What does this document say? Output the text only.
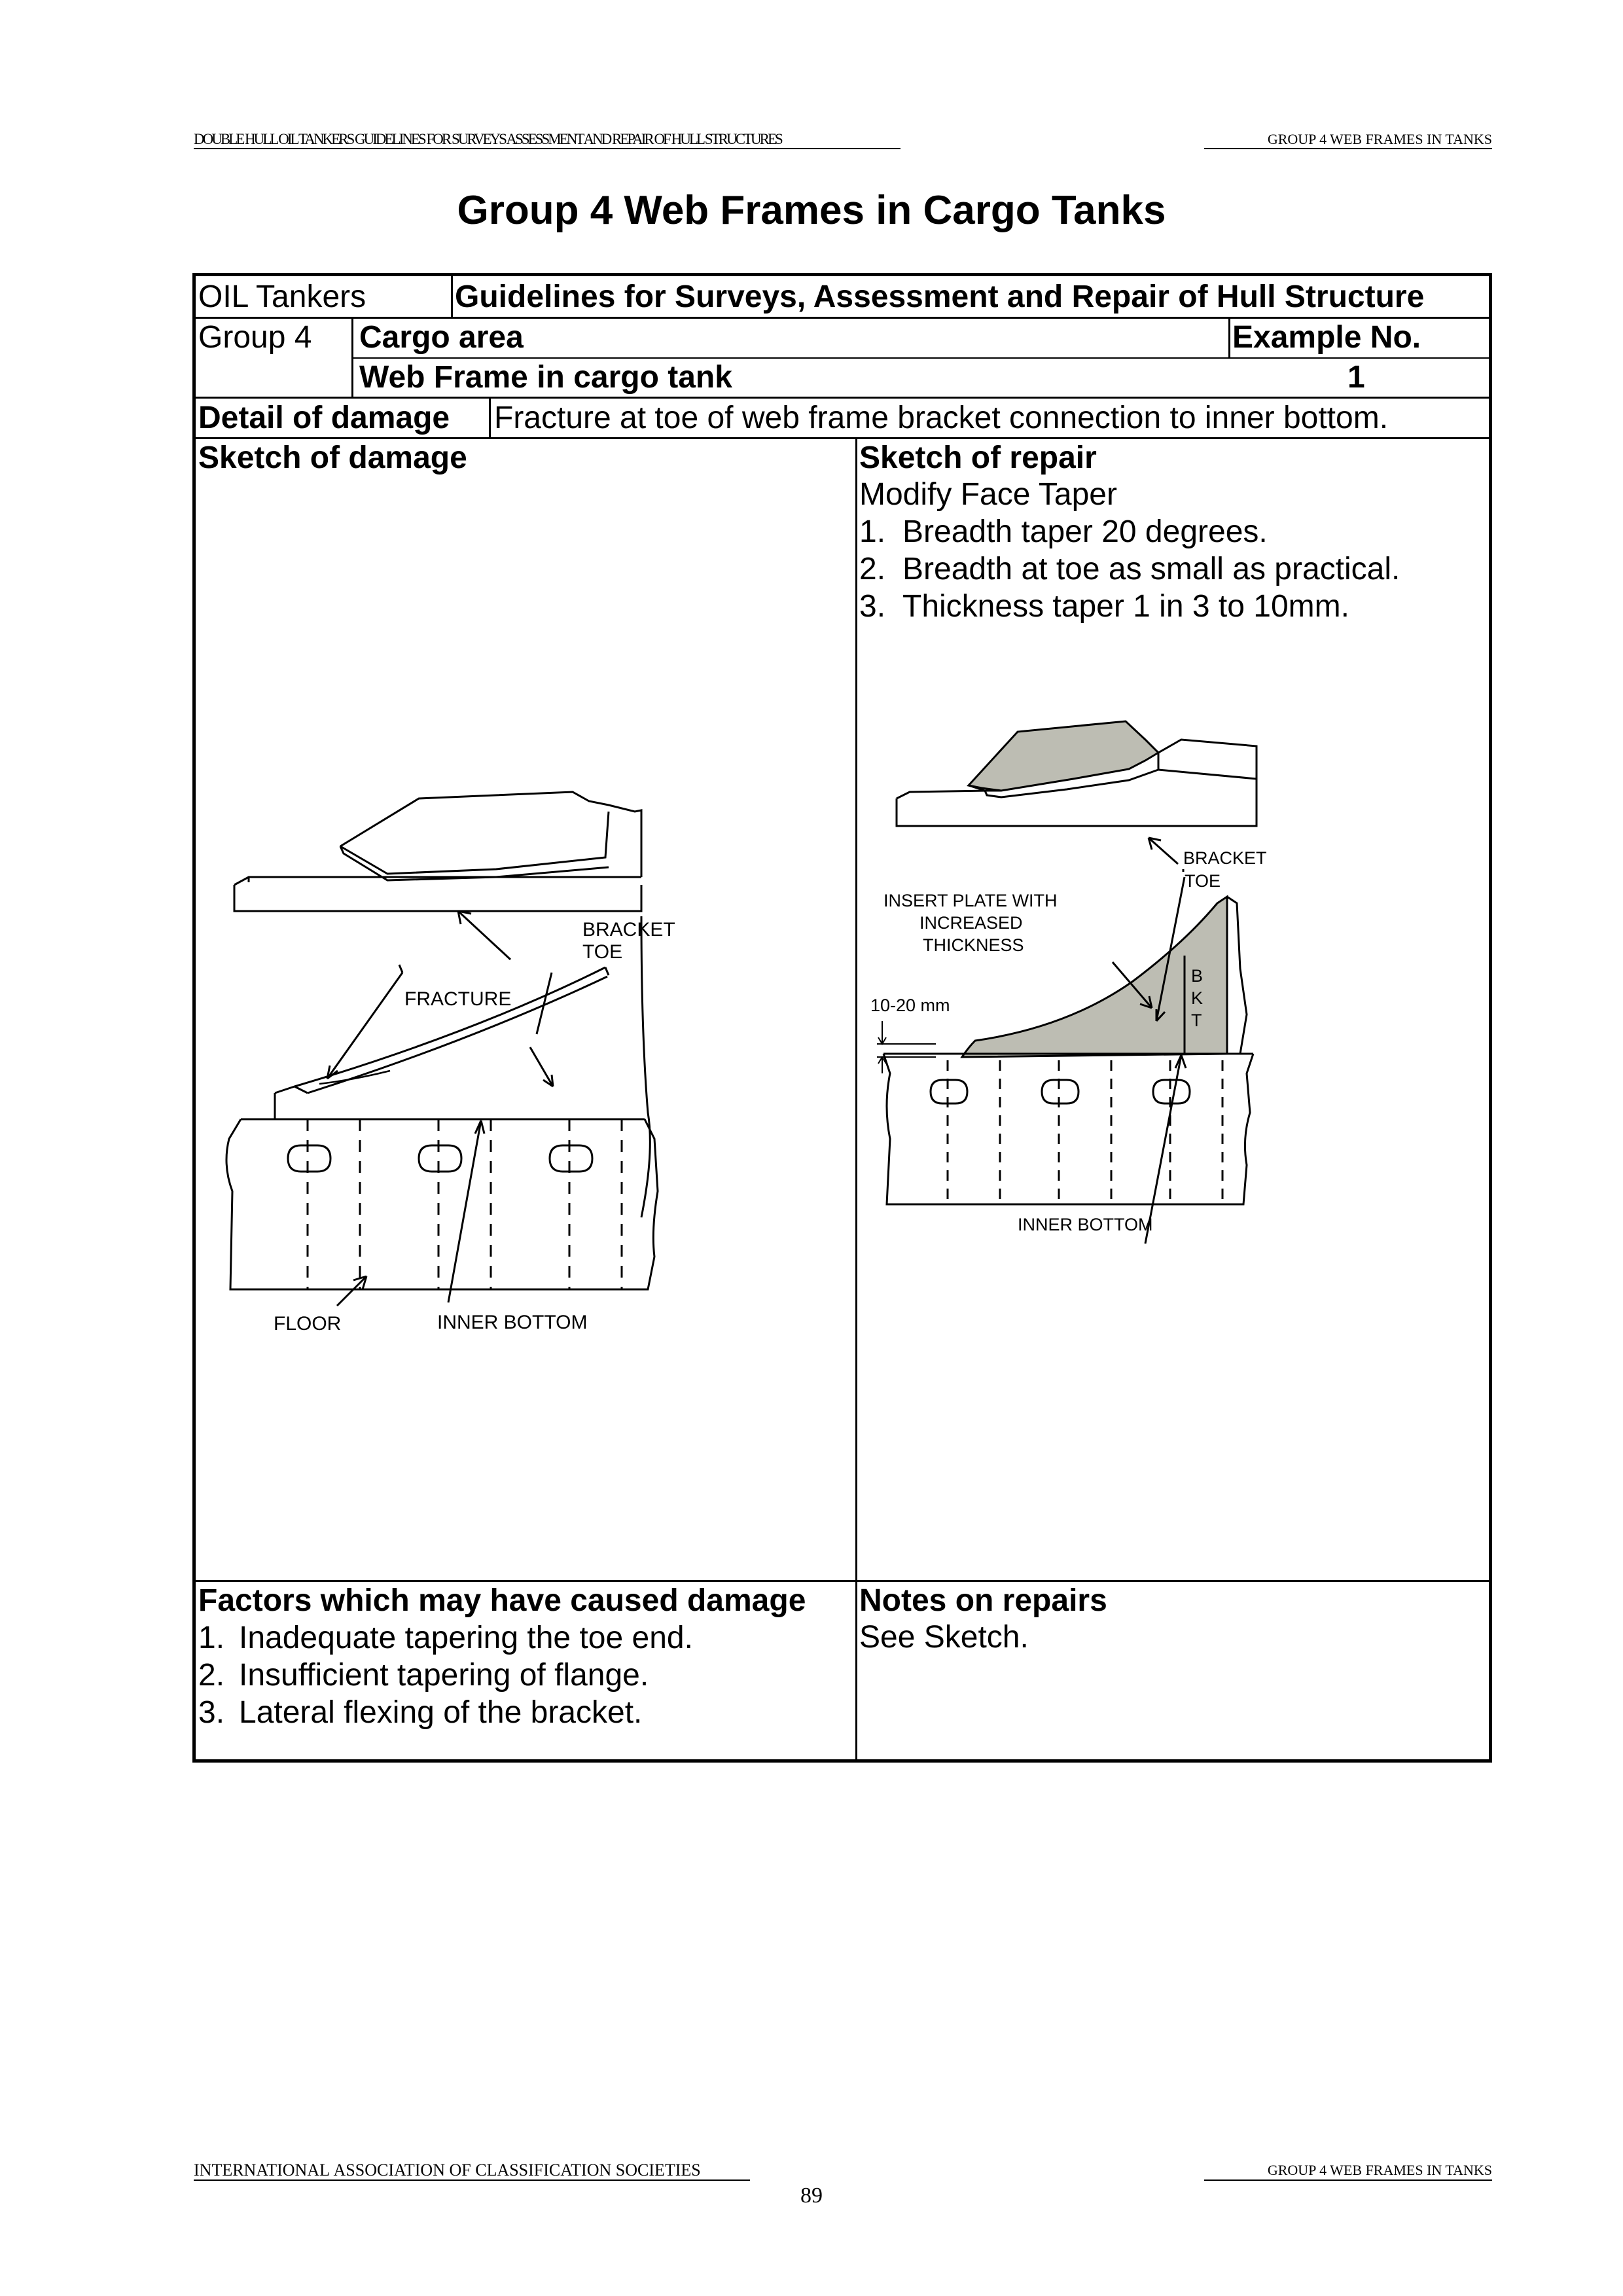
DOUBLE HULL OIL TANKERS GUIDELINES FOR SURVEYS ASSESSMENT AND REPAIR OF HULL STRUCTURES	GROUP 4 WEB FRAMES IN TANKS
Group 4 Web Frames in Cargo Tanks
OIL Tankers	Guidelines for Surveys, Assessment and Repair of Hull Structure
Group 4 Cargo area	Example No.
Web Frame in cargo tank	1
Detail of damage Fracture at toe of web frame bracket connection to inner bottom.
Sketch of damage	Sketch of repair
Modify Face Taper
1. Breadth taper 20 degrees.
2. Breadth at toe as small as practical.
3. Thickness taper 1 in 3 to 10mm.
Factors which may have caused damage
1. Inadequate tapering the toe end.
2. Insufficient tapering of flange.
3. Lateral flexing of the bracket.
Notes on repairs
See Sketch.
BRACKET
TOE
FRACTURE
FLOOR	INNER BOTTOM
BRACKET
TOE
INSERT PLATE WITH
INCREASED
THICKNESS
10-20 mm
B
K
T
INNER BOTTOM
INTERNATIONAL ASSOCIATION OF CLASSIFICATION SOCIETIES	GROUP 4 WEB FRAMES IN TANKS
89
